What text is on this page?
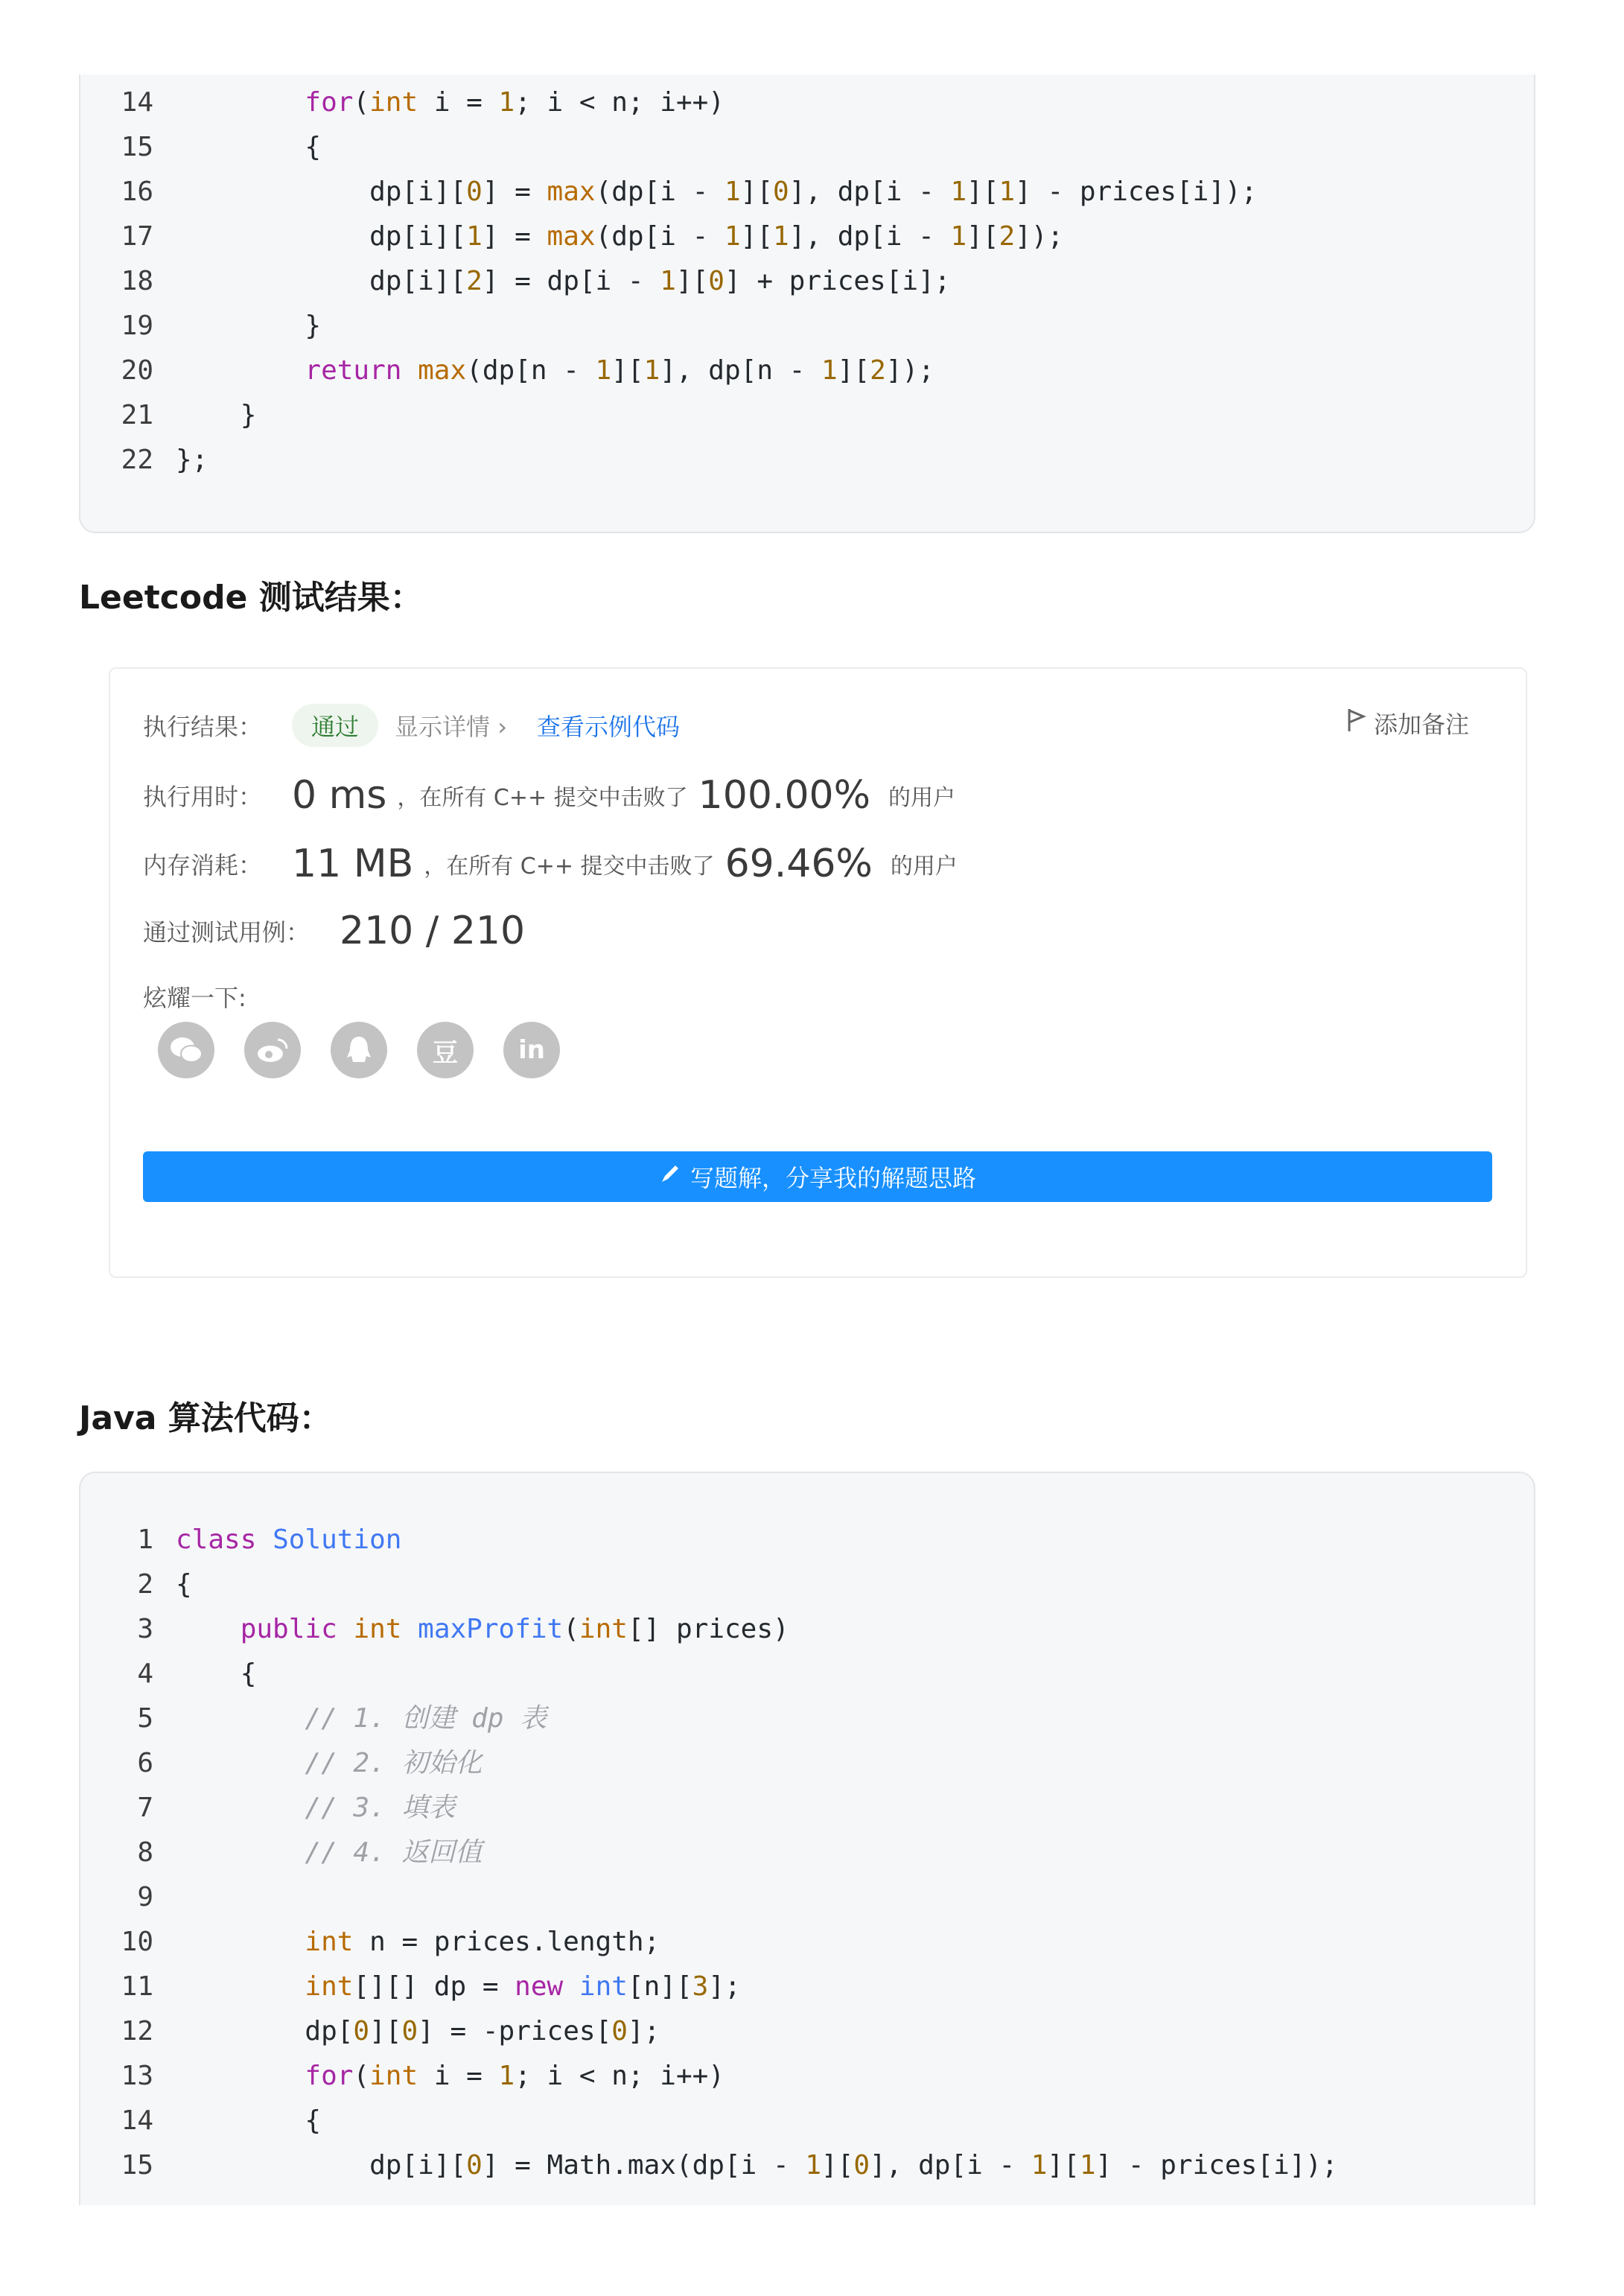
14	for(int i = 1; i < n; i++)
15        {
16            dp[i][0] = max(dp[i - 1][0], dp[i - 1][1] - prices[i]);
17            dp[i][1] = max(dp[i - 1][1], dp[i - 1][2]);
18            dp[i][2] = dp[i - 1][0] + prices[i];
19        }
20	return max(dp[n - 1][1], dp[n - 1][2]);
21    }
22 };
Leetcode 测试结果：
执行结果：	通过	显示详情 › 查看示例代码	添加备注
执行用时： 0 ms ，在所有 C++ 提交中击败了 100.00% 的用户
内存消耗： 11 MB ，在所有 C++ 提交中击败了 69.46% 的用户
通过测试用例： 210 / 210
炫耀一下:
豆	in
写题解，分享我的解题思路
Java 算法代码：
1 class Solution
2 {
3	public int maxProfit(int[] prices)
4    {
5	// 1. 创建 dp 表
6	// 2. 初始化
7	// 3. 填表
8	// 4. 返回值
9
10	int n = prices.length;
11	int[][] dp = new int[n][3];
12        dp[0][0] = -prices[0];
13	for(int i = 1; i < n; i++)
14        {
15            dp[i][0] = Math.max(dp[i - 1][0], dp[i - 1][1] - prices[i]);
